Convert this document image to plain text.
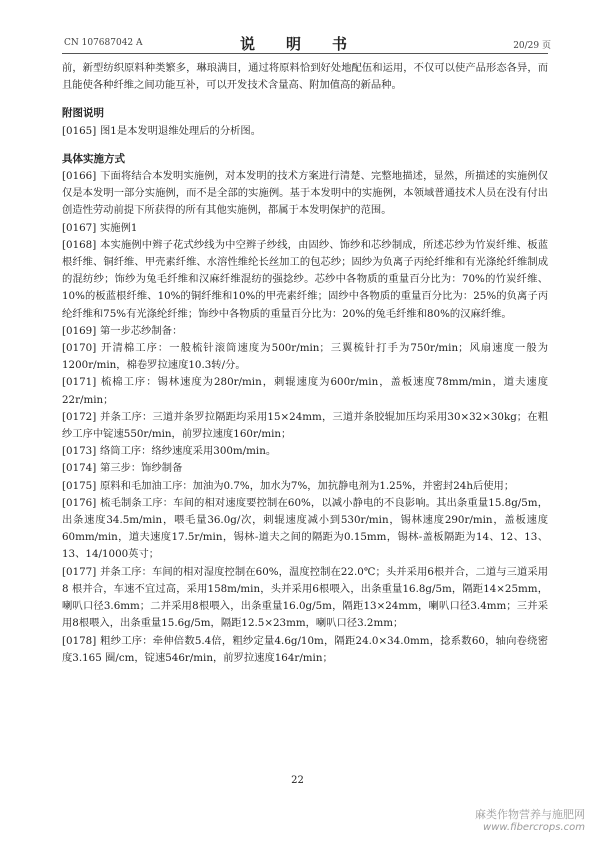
CN 107687042 A	说　明　书	20/29 页

前，新型纺织原料种类繁多，琳琅满目，通过将原料恰到好处地配伍和运用，不仅可以使产品形态各异，而且能使各种纤维之间功能互补，可以开发技术含量高、附加值高的新品种。

附图说明

[0165] 图1是本发明退维处理后的分析图。

具体实施方式

[0166] 下面将结合本发明实施例，对本发明的技术方案进行清楚、完整地描述，显然，所描述的实施例仅仅是本发明一部分实施例，而不是全部的实施例。基于本发明中的实施例，本领域普通技术人员在没有付出创造性劳动前提下所获得的所有其他实施例，都属于本发明保护的范围。

[0167] 实施例1

[0168] 本实施例中辫子花式纱线为中空辫子纱线，由固纱、饰纱和芯纱制成，所述芯纱为竹炭纤维、板蓝根纤维、铜纤维、甲壳素纤维、水溶性维纶长丝加工的包芯纱；固纱为负离子丙纶纤维和有光涤纶纤维制成的混纺纱；饰纱为兔毛纤维和汉麻纤维混纺的强捻纱。芯纱中各物质的重量百分比为：70%的竹炭纤维、10%的板蓝根纤维、10%的铜纤维和10%的甲壳素纤维；固纱中各物质的重量百分比为：25%的负离子丙纶纤维和75%有光涤纶纤维；饰纱中各物质的重量百分比为：20%的兔毛纤维和80%的汉麻纤维。

[0169] 第一步芯纱制备：

[0170] 开清棉工序：一般梳针滚筒速度为500r/min；三翼梳针打手为750r/min；风扇速度一般为1200r/min，棉卷罗拉速度10.3转/分。

[0171] 梳棉工序：锡林速度为280r/min，刺辊速度为600r/min，盖板速度78mm/min，道夫速度22r/min；

[0172] 并条工序：三道并条罗拉隔距均采用15×24mm，三道并条胶辊加压均采用30×32×30kg；在粗纱工序中锭速550r/min，前罗拉速度160r/min；

[0173] 络筒工序：络纱速度采用300m/min。

[0174] 第三步：饰纱制备

[0175] 原料和毛加油工序：加油为0.7%，加水为7%，加抗静电剂为1.25%，并密封24h后使用；

[0176] 梳毛制条工序：车间的相对速度要控制在60%，以减小静电的不良影响。其出条重量15.8g/5m，出条速度34.5m/min，喂毛量36.0g/次，刺辊速度减小到530r/min，锡林速度290r/min，盖板速度60mm/min，道夫速度17.5r/min，锡林-道夫之间的隔距为0.15mm，锡林-盖板隔距为14、12、13、13、14/1000英寸；

[0177] 并条工序：车间的相对湿度控制在60%，温度控制在22.0℃；头并采用6根并合，二道与三道采用8 根并合，车速不宜过高，采用158m/min，头并采用6根喂入，出条重量16.8g/5m，隔距14×25mm，喇叭口径3.6mm；二并采用8根喂入，出条重量16.0g/5m，隔距13×24mm，喇叭口径3.4mm；三并采用8根喂入，出条重量15.6g/5m，隔距12.5×23mm，喇叭口径3.2mm；

[0178] 粗纱工序：牵伸倍数5.4倍，粗纱定量4.6g/10m，隔距24.0×34.0mm，捻系数60，轴向卷绕密度3.165 圈/cm，锭速546r/min，前罗拉速度164r/min；

22
麻类作物营养与施肥网
www.fibercrops.com
